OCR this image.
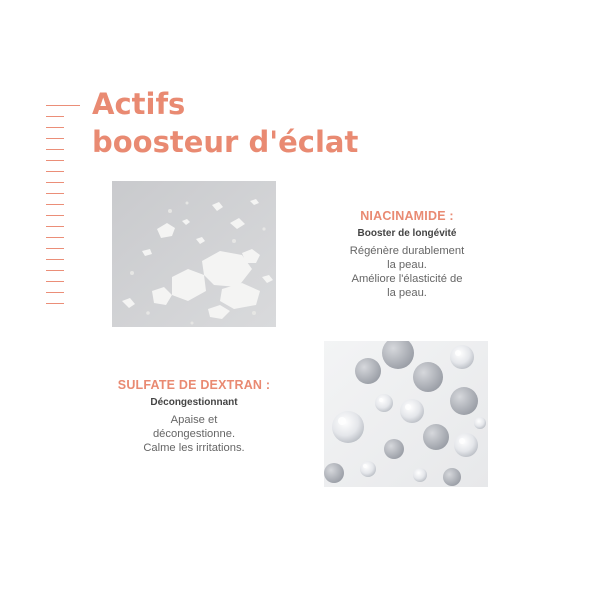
Actifs
boosteur d'éclat
NIACINAMIDE :
Booster de longévité
Régénère durablement
la peau.
Améliore l'élasticité de
la peau.
SULFATE DE DEXTRAN :
Décongestionnant
Apaise et
décongestionne.
Calme les irritations.
